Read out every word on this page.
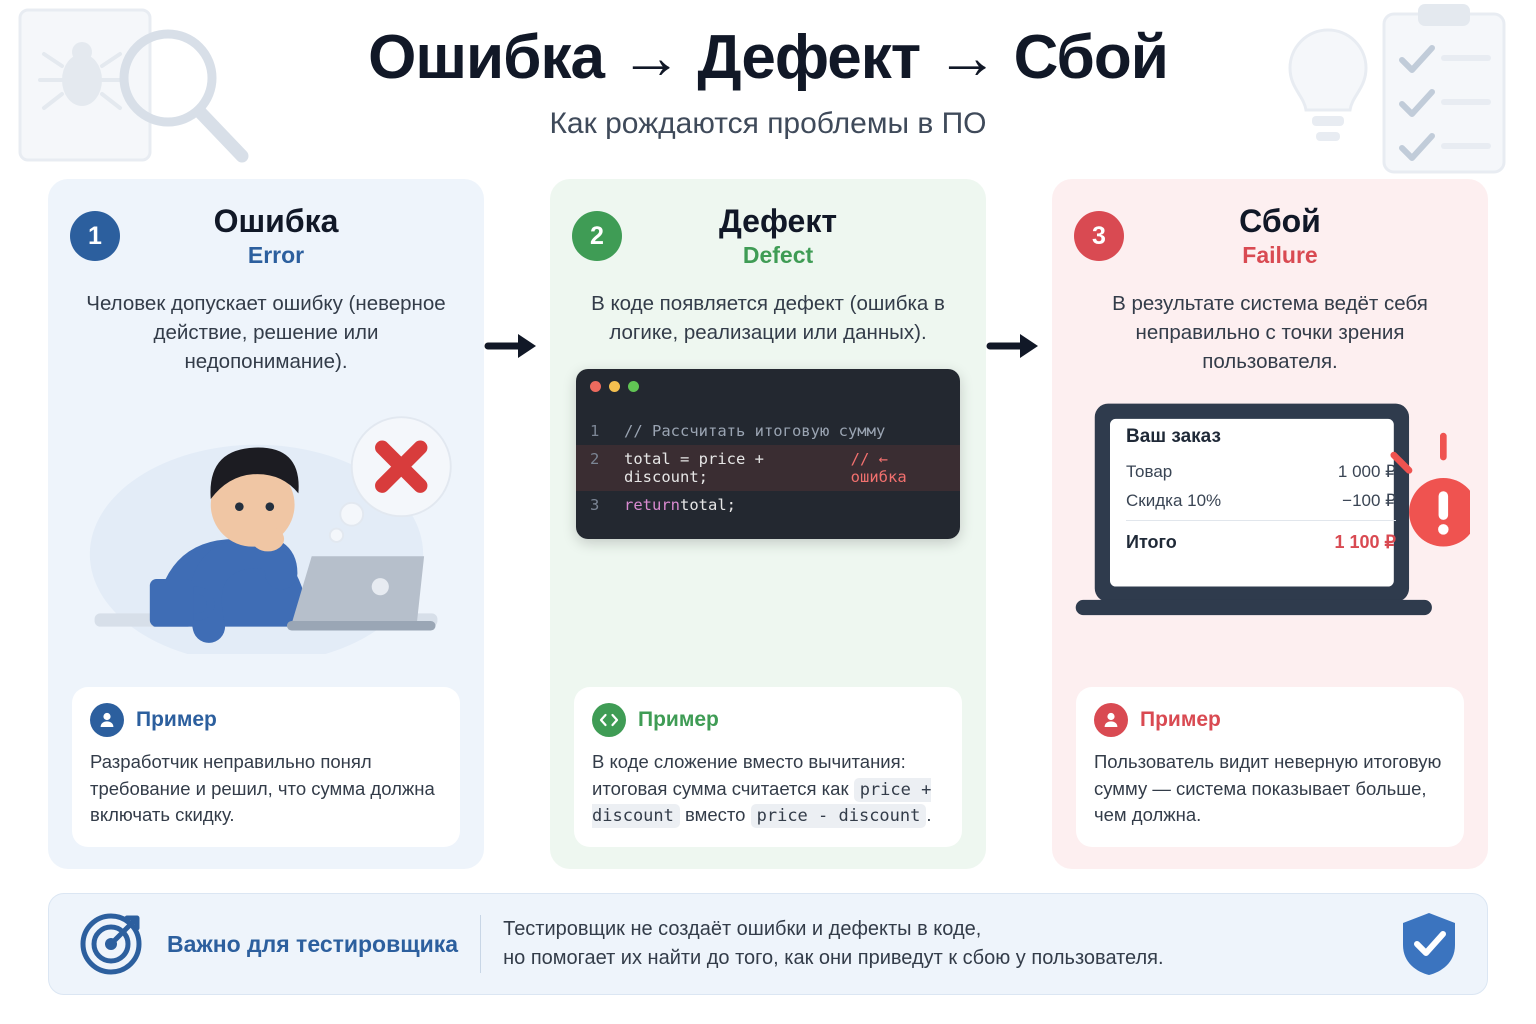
Ошибка → Дефект → Сбой
Как рождаются проблемы в ПО
1	Ошибка
Error
Человек допускает ошибку (неверное действие, решение или недопонимание).
Пример
Разработчик неправильно понял требование и решил, что сумма должна включать скидку.
2	Дефект
Defect
В коде появляется дефект (ошибка в логике, реализации или данных).
1	// Рассчитать итоговую сумму
2	total = price + discount;
// ← ошибка
3	return total;
Пример
В коде сложение вместо вычитания: итоговая сумма считается как price + discount вместо price - discount .
3	Сбой
Failure
В результате система ведёт себя неправильно с точки зрения пользователя.
Ваш заказ
Товар	1 000 ₽
Скидка 10%	−100 ₽
Итого	1 100 ₽
Пример
Пользователь видит неверную итоговую сумму — система показывает больше, чем должна.
Важно для тестировщика
Тестировщик не создаёт ошибки и дефекты в коде,
но помогает их найти до того, как они приведут к сбою у пользователя.
